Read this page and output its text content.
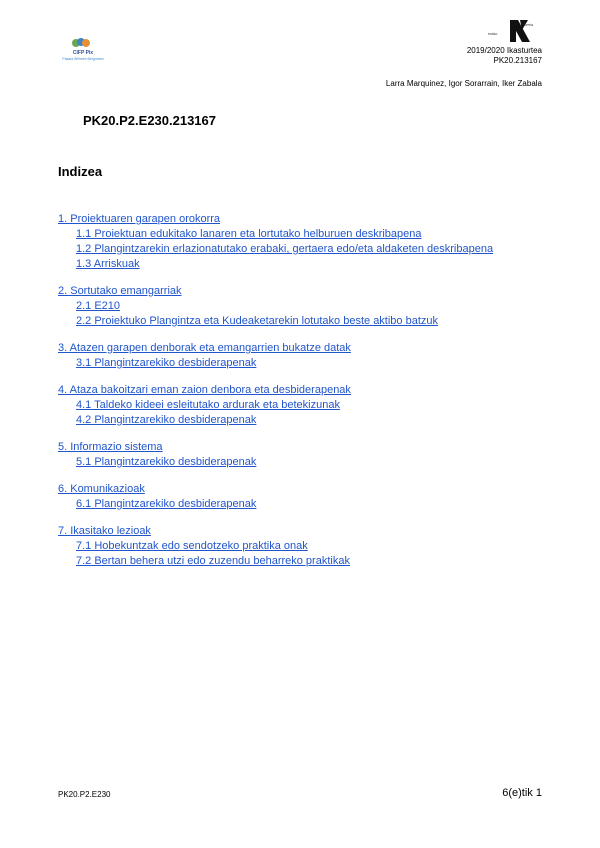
CIFP Pix
Pasaia Wilhelm Bergmann
eusko
berria
2019/2020 Ikasturtea
PK20.213167
Larra Marquinez, Igor Sorarrain, Iker Zabala
PK20.P2.E230.213167
Indizea
1. Proiektuaren garapen orokorra
1.1 Proiektuan edukitako lanaren eta lortutako helburuen deskribapena
1.2 Plangintzarekin erlazionatutako erabaki, gertaera edo/eta aldaketen deskribapena
1.3 Arriskuak
2. Sortutako emangarriak
2.1 E210
2.2 Proiektuko Plangintza eta Kudeaketarekin lotutako beste aktibo batzuk
3. Atazen garapen denborak eta emangarrien bukatze datak
3.1 Plangintzarekiko desbiderapenak
4. Ataza bakoitzari eman zaion denbora eta desbiderapenak
4.1 Taldeko kideei esleitutako ardurak eta betekizunak
4.2 Plangintzarekiko desbiderapenak
5. Informazio sistema
5.1 Plangintzarekiko desbiderapenak
6. Komunikazioak
6.1 Plangintzarekiko desbiderapenak
7. Ikasitako lezioak
7.1 Hobekuntzak edo sendotzeko praktika onak
7.2 Bertan behera utzi edo zuzendu beharreko praktikak
PK20.P2.E230	6(e)tik 1
